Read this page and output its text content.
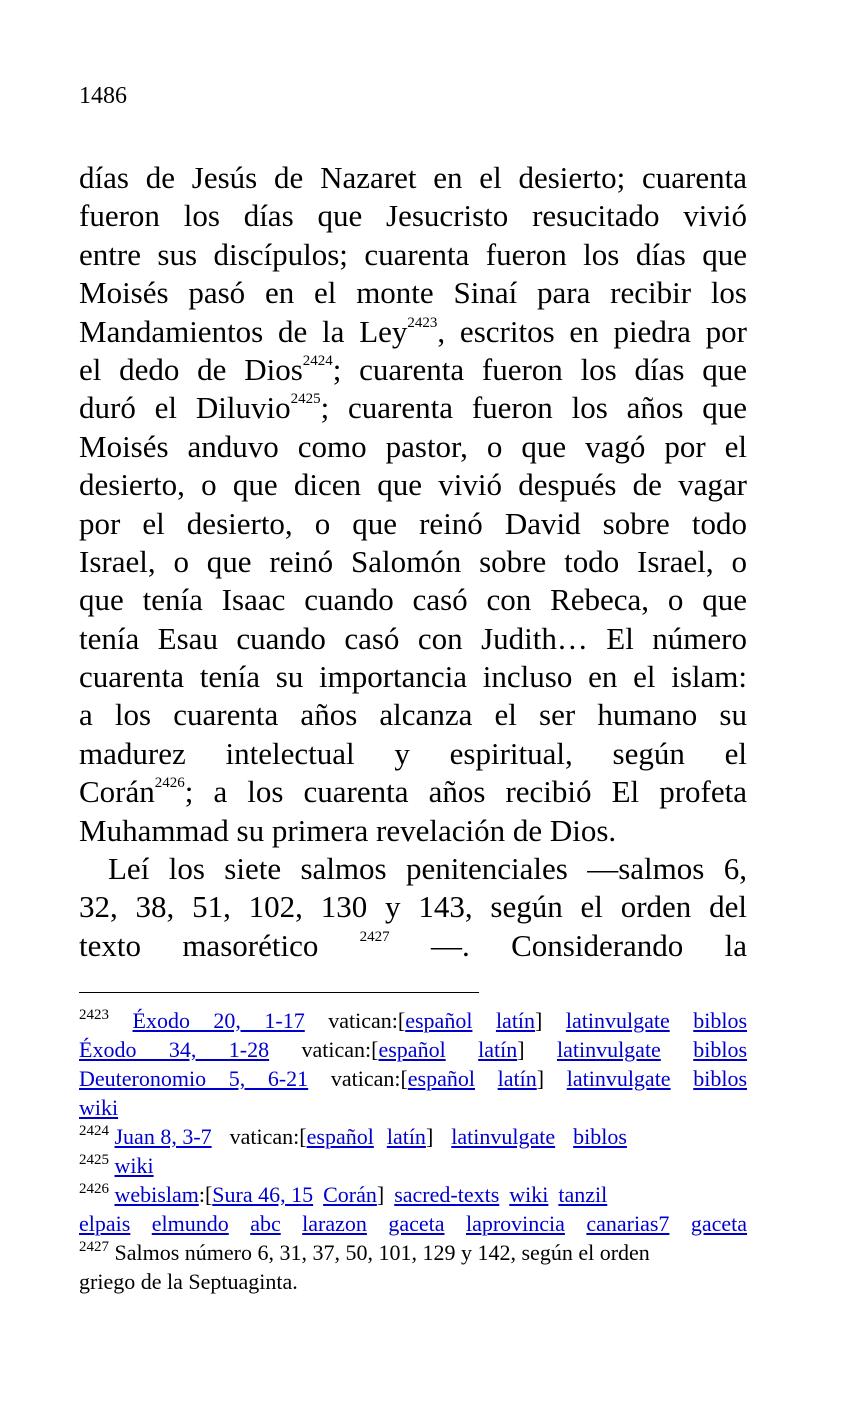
1486
días de Jesús de Nazaret en el desierto; cuarenta
fueron los días que Jesucristo resucitado vivió
entre sus discípulos; cuarenta fueron los días que
Moisés pasó en el monte Sinaí para recibir los
Mandamientos de la Ley$^{2423}$, escritos en piedra por
el dedo de Dios$^{2424}$; cuarenta fueron los días que
duró el Diluvio$^{2425}$; cuarenta fueron los años que
Moisés anduvo como pastor, o que vagó por el
desierto, o que dicen que vivió después de vagar
por el desierto, o que reinó David sobre todo
Israel, o que reinó Salomón sobre todo Israel, o
que tenía Isaac cuando casó con Rebeca, o que
tenía Esau cuando casó con Judith… El número
cuarenta tenía su importancia incluso en el islam:
a los cuarenta años alcanza el ser humano su
madurez intelectual y espiritual, según el
Corán$^{2426}$; a los cuarenta años recibió El profeta
Muhammad su primera revelación de Dios.
Leí los siete salmos penitenciales —salmos 6,
32, 38, 51, 102, 130 y 143, según el orden del
texto masorético $^{2427}$ —. Considerando la
$^{2423}$ Éxodo 20, 1-17 vatican:[español latín] latinvulgate biblos
Éxodo 34, 1-28 vatican:[español latín] latinvulgate biblos
Deuteronomio 5, 6-21 vatican:[español latín] latinvulgate biblos
wiki
$^{2424}$ Juan 8, 3-7 vatican:[español latín] latinvulgate biblos
$^{2425}$ wiki
$^{2426}$ webislam:[Sura 46, 15 Corán] sacred-texts wiki tanzil
elpais elmundo abc larazon gaceta laprovincia canarias7 gaceta
$^{2427}$ Salmos número 6, 31, 37, 50, 101, 129 y 142, según el orden
griego de la Septuaginta.
